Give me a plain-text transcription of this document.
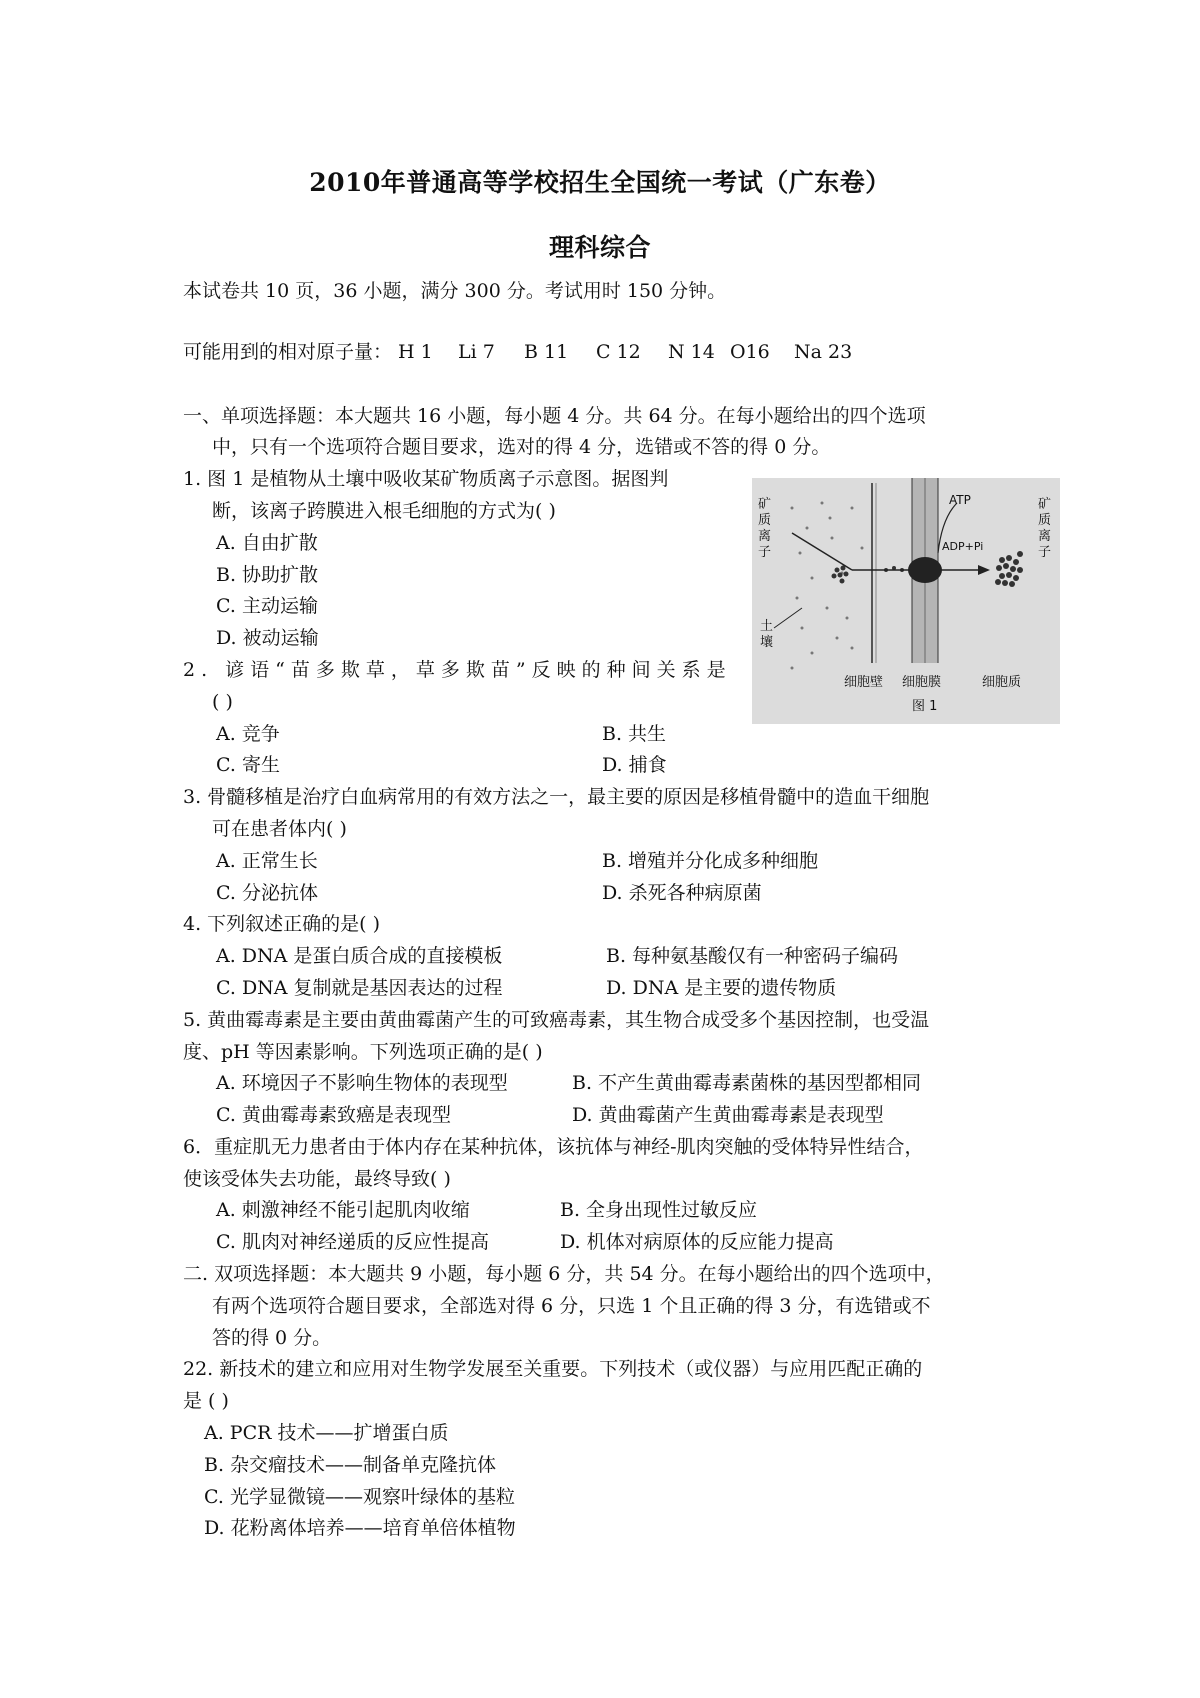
2010年普通高等学校招生全国统一考试（广东卷）
理科综合
本试卷共 10 页，36 小题，满分 300 分。考试用时 150 分钟。
可能用到的相对原子量： H 1 Li 7 B 11 C 12 N 14 O16 Na 23
一、单项选择题：本大题共 16 小题，每小题 4 分。共 64 分。在每小题给出的四个选项
中，只有一个选项符合题目要求，选对的得 4 分，选错或不答的得 0 分。
1. 图 1 是植物从土壤中吸收某矿物质离子示意图。据图判
断，该离子跨膜进入根毛细胞的方式为( )
A. 自由扩散
B. 协助扩散
C. 主动运输
D. 被动运输
ATP
ADP+Pi
矿质离子
矿质离子
土壤
细胞壁 细胞膜	细胞质
图 1
2. 谚语“苗多欺草，草多欺苗”反映的种间关系是
( )
A. 竞争	B. 共生
C. 寄生	D. 捕食
3. 骨髓移植是治疗白血病常用的有效方法之一，最主要的原因是移植骨髓中的造血干细胞
可在患者体内( )
A. 正常生长	B. 增殖并分化成多种细胞
C. 分泌抗体	D. 杀死各种病原菌
4. 下列叙述正确的是( )
A. DNA 是蛋白质合成的直接模板	B. 每种氨基酸仅有一种密码子编码
C. DNA 复制就是基因表达的过程	D. DNA 是主要的遗传物质
5. 黄曲霉毒素是主要由黄曲霉菌产生的可致癌毒素，其生物合成受多个基因控制，也受温
度、pH 等因素影响。下列选项正确的是( )
A. 环境因子不影响生物体的表现型	B. 不产生黄曲霉毒素菌株的基因型都相同
C. 黄曲霉毒素致癌是表现型	D. 黄曲霉菌产生黄曲霉毒素是表现型
6．重症肌无力患者由于体内存在某种抗体，该抗体与神经-肌肉突触的受体特异性结合，
使该受体失去功能，最终导致( )
A. 刺激神经不能引起肌肉收缩	B. 全身出现性过敏反应
C. 肌肉对神经递质的反应性提高	D. 机体对病原体的反应能力提高
二. 双项选择题：本大题共 9 小题，每小题 6 分，共 54 分。在每小题给出的四个选项中，
有两个选项符合题目要求，全部选对得 6 分，只选 1 个且正确的得 3 分，有选错或不
答的得 0 分。
22. 新技术的建立和应用对生物学发展至关重要。下列技术（或仪器）与应用匹配正确的
是 ( )
A. PCR 技术——扩增蛋白质
B. 杂交瘤技术——制备单克隆抗体
C. 光学显微镜——观察叶绿体的基粒
D. 花粉离体培养——培育单倍体植物
